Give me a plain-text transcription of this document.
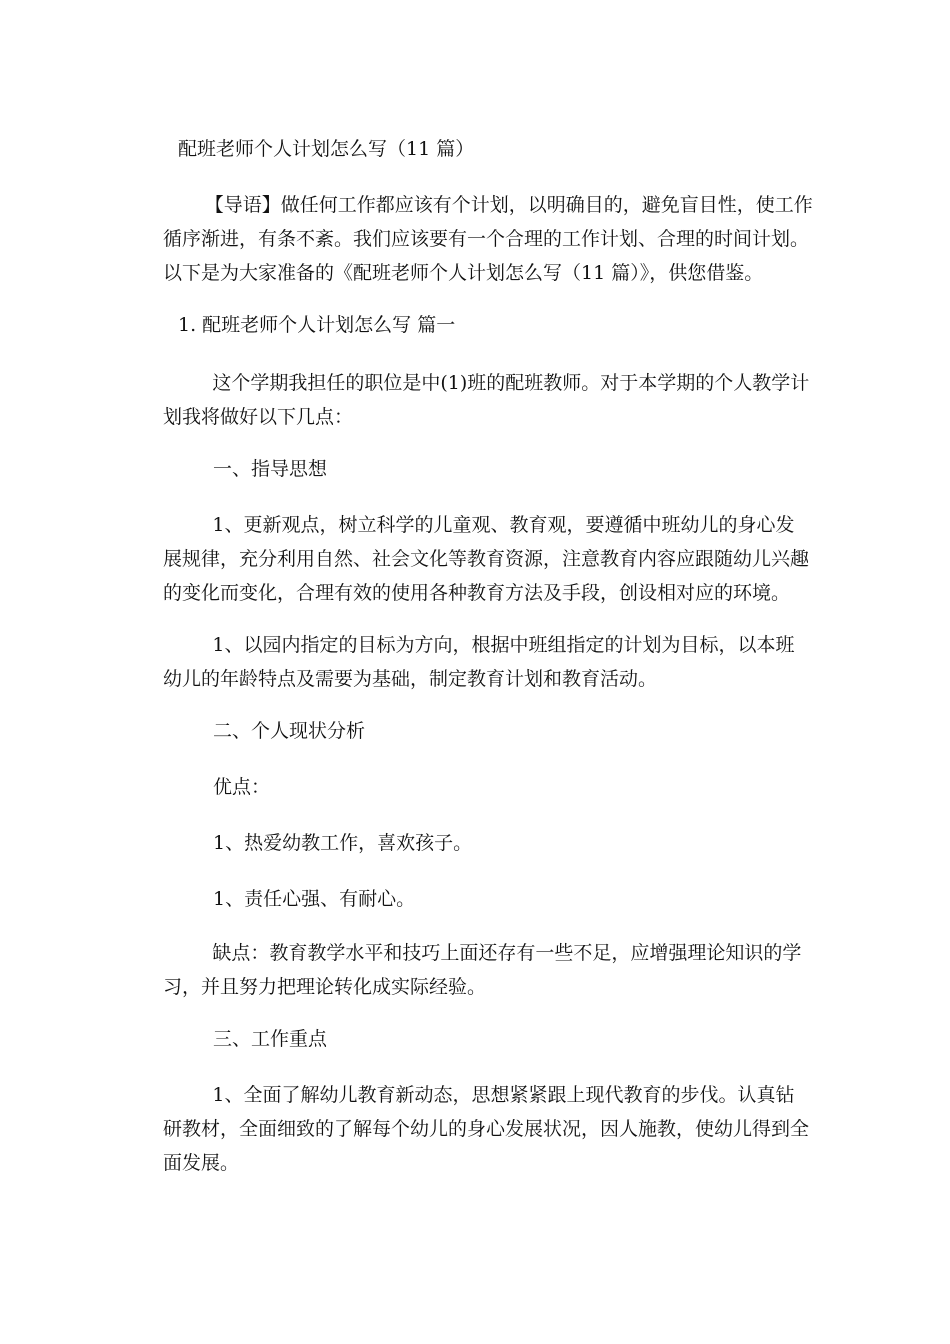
配班老师个人计划怎么写（11 篇）
【导语】做任何工作都应该有个计划，以明确目的，避免盲目性，使工作循序渐进，有条不紊。我们应该要有一个合理的工作计划、合理的时间计划。以下是为大家准备的《配班老师个人计划怎么写（11 篇）》，供您借鉴。
1. 配班老师个人计划怎么写 篇一
这个学期我担任的职位是中(1)班的配班教师。对于本学期的个人教学计划我将做好以下几点：
一、指导思想
1、更新观点，树立科学的儿童观、教育观，要遵循中班幼儿的身心发展规律，充分利用自然、社会文化等教育资源，注意教育内容应跟随幼儿兴趣的变化而变化，合理有效的使用各种教育方法及手段，创设相对应的环境。
1、以园内指定的目标为方向，根据中班组指定的计划为目标，以本班幼儿的年龄特点及需要为基础，制定教育计划和教育活动。
二、个人现状分析
优点：
1、热爱幼教工作，喜欢孩子。
1、责任心强、有耐心。
缺点：教育教学水平和技巧上面还存有一些不足，应增强理论知识的学习，并且努力把理论转化成实际经验。
三、工作重点
1、全面了解幼儿教育新动态，思想紧紧跟上现代教育的步伐。认真钻研教材，全面细致的了解每个幼儿的身心发展状况，因人施教，使幼儿得到全面发展。
